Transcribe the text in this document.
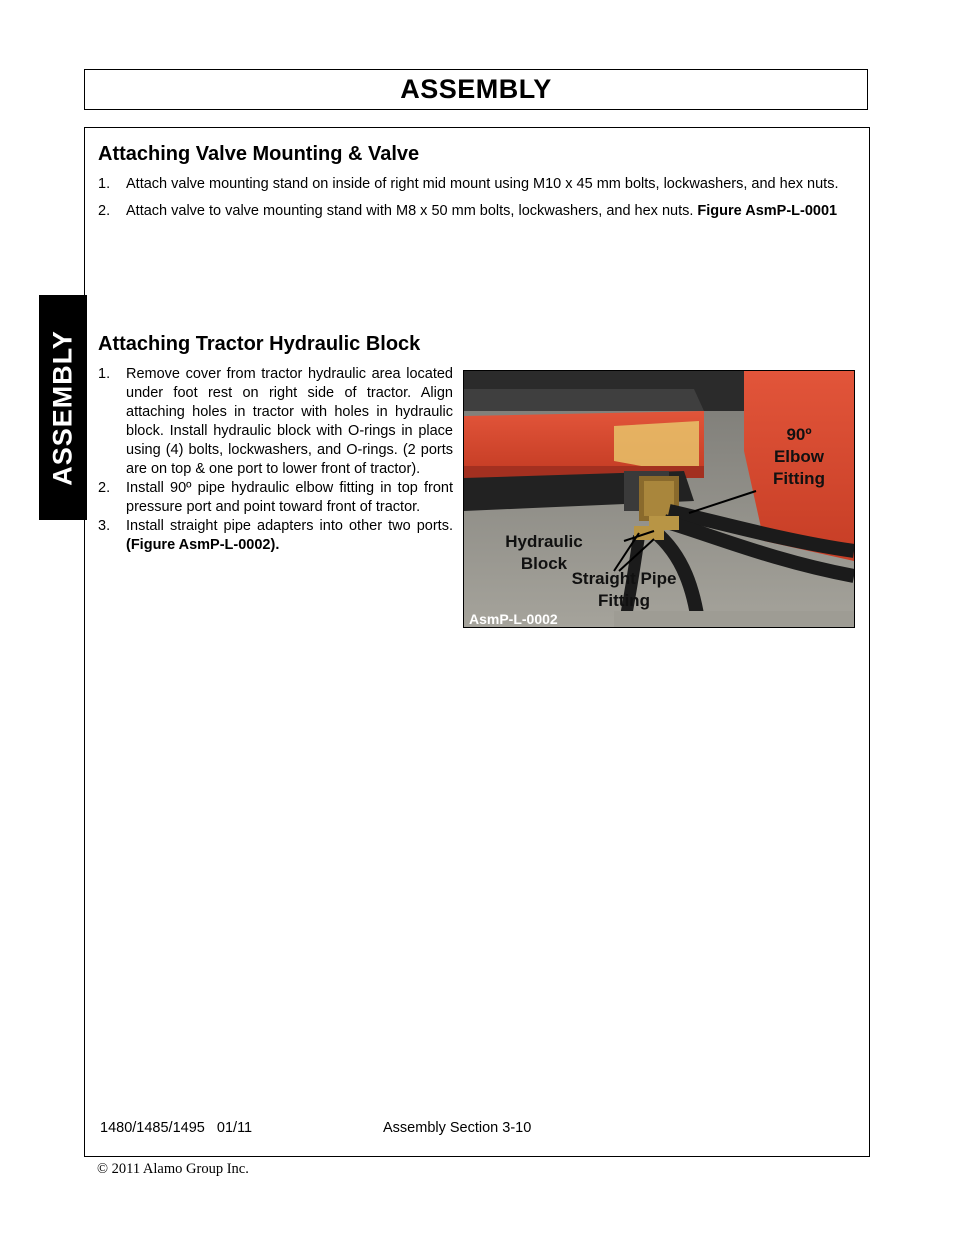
ASSEMBLY
ASSEMBLY
Attaching Valve Mounting & Valve
1. Attach valve mounting stand on inside of right mid mount using M10 x 45 mm bolts, lockwashers, and hex nuts.
2. Attach valve to valve mounting stand with M8 x 50 mm bolts, lockwashers, and hex nuts. Figure AsmP-L-0001
Attaching Tractor Hydraulic Block
1. Remove cover from tractor hydraulic area located under foot rest on right side of tractor. Align attaching holes in tractor with holes in hydraulic block. Install hydraulic block with O-rings in place using (4) bolts, lockwashers, and O-rings. (2 ports are on top & one port to lower front of tractor).
2. Install 90º pipe hydraulic elbow fitting in top front pressure port and point toward front of tractor.
3. Install straight pipe adapters into other two ports. (Figure AsmP-L-0002).
90º
Elbow
Fitting
Hydraulic
Block
Straight Pipe
Fitting
AsmP-L-0002
1480/1485/1495   01/11	Assembly Section 3-10
© 2011 Alamo Group Inc.
